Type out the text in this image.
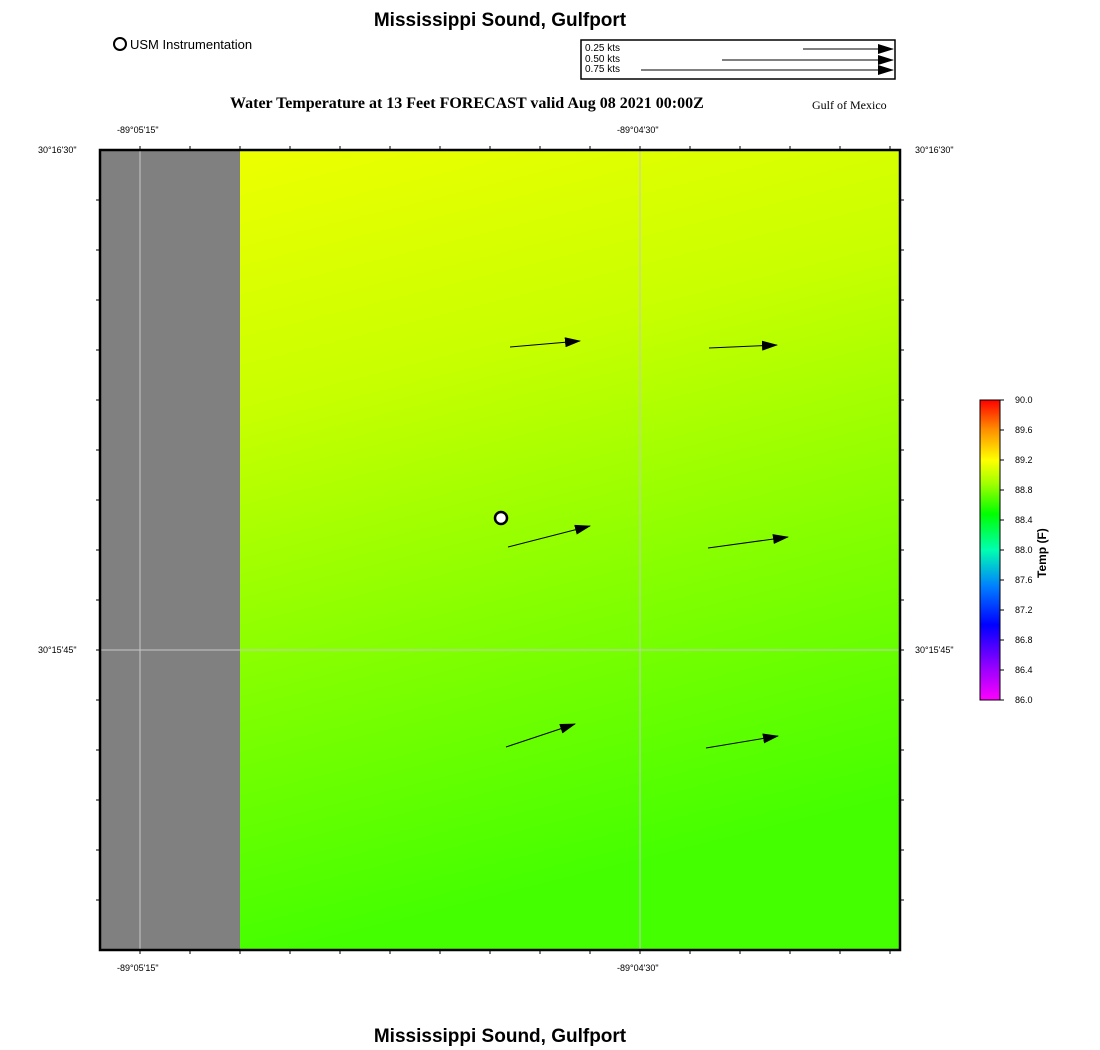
Mississippi Sound, Gulfport
USM Instrumentation
Water Temperature at 13 Feet FORECAST valid Aug 08 2021 00:00Z	Gulf of Mexico
0.25 kts
0.50 kts
0.75 kts
-89°05'15"	-89°04'30"
-89°05'15"	-89°04'30"
30°16'30"
30°15'45"
30°16'30"
30°15'45"
90.0
89.6
89.2
88.8
88.4
88.0
87.6
87.2
86.8
86.4
86.0
Temp (F)
Mississippi Sound, Gulfport
